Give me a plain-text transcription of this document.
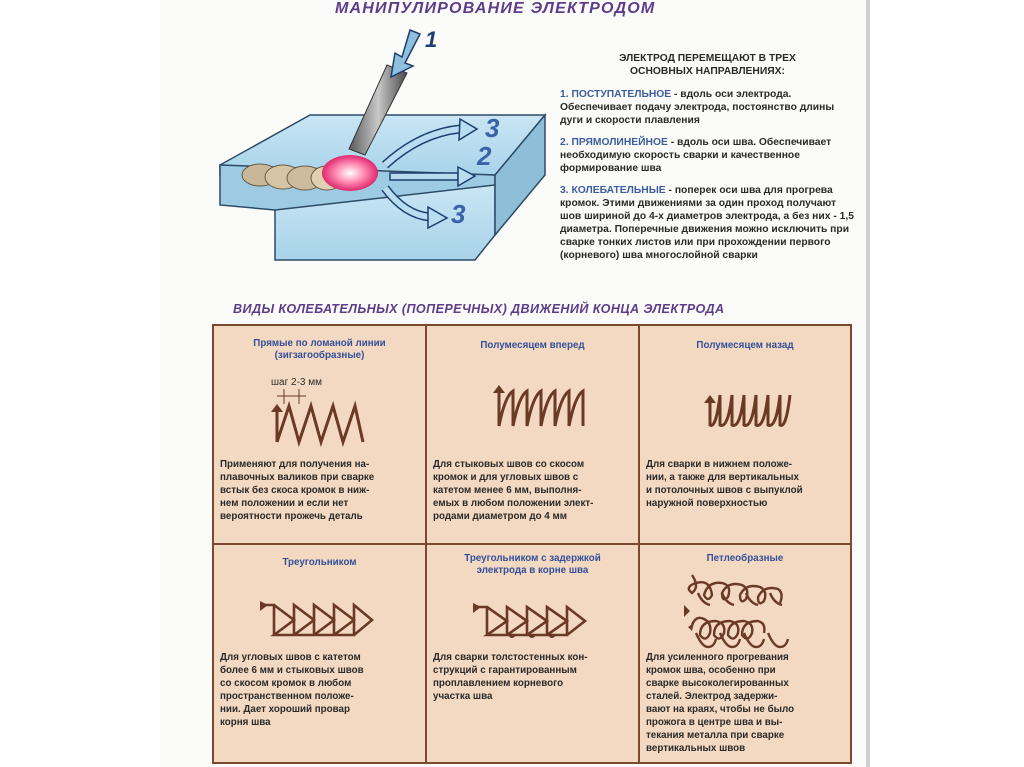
МАНИПУЛИРОВАНИЕ ЭЛЕКТРОДОМ
1
3
2
3
ЭЛЕКТРОД ПЕРЕМЕЩАЮТ В ТРЕХ
ОСНОВНЫХ НАПРАВЛЕНИЯХ:

1. ПОСТУПАТЕЛЬНОЕ - вдоль оси электрода. Обеспечивает подачу электрода, постоянство длины дуги и скорости плавления

2. ПРЯМОЛИНЕЙНОЕ - вдоль оси шва. Обеспечивает необходимую скорость сварки и качественное формирование шва

3. КОЛЕБАТЕЛЬНЫЕ - поперек оси шва для прогрева кромок. Этими движениями за один проход получают шов шириной до 4-х диаметров электрода, а без них - 1,5 диаметра. Поперечные движения можно исключить при сварке тонких листов или при прохождении первого (корневого) шва многослойной сварки

ВИДЫ КОЛЕБАТЕЛЬНЫХ (ПОПЕРЕЧНЫХ) ДВИЖЕНИЙ КОНЦА ЭЛЕКТРОДА
Прямые по ломаной линии
(зигзагообразные)
шаг 2-3 мм
Применяют для получения на-
плавочных валиков при сварке
встык без скоса кромок в ниж-
нем положении и если нет
вероятности прожечь деталь
Полумесяцем вперед
Для стыковых швов со скосом
кромок и для угловых швов с
катетом менее 6 мм, выполня-
емых в любом положении элект-
родами диаметром до 4 мм
Полумесяцем назад
Для сварки в нижнем положе-
нии, а также для вертикальных
и потолочных швов с выпуклой
наружной поверхностью
Треугольником
Для угловых швов с катетом
более 6 мм и стыковых швов
со скосом кромок в любом
пространственном положе-
нии. Дает хороший провар
корня шва
Треугольником с задержкой
электрода в корне шва
Для сварки толстостенных кон-
струкций с гарантированным
проплавлением корневого
участка шва
Петлеобразные
Для усиленного прогревания
кромок шва, особенно при
сварке высоколегированных
сталей. Электрод задержи-
вают на краях, чтобы не было
прожога в центре шва и вы-
текания металла при сварке
вертикальных швов
